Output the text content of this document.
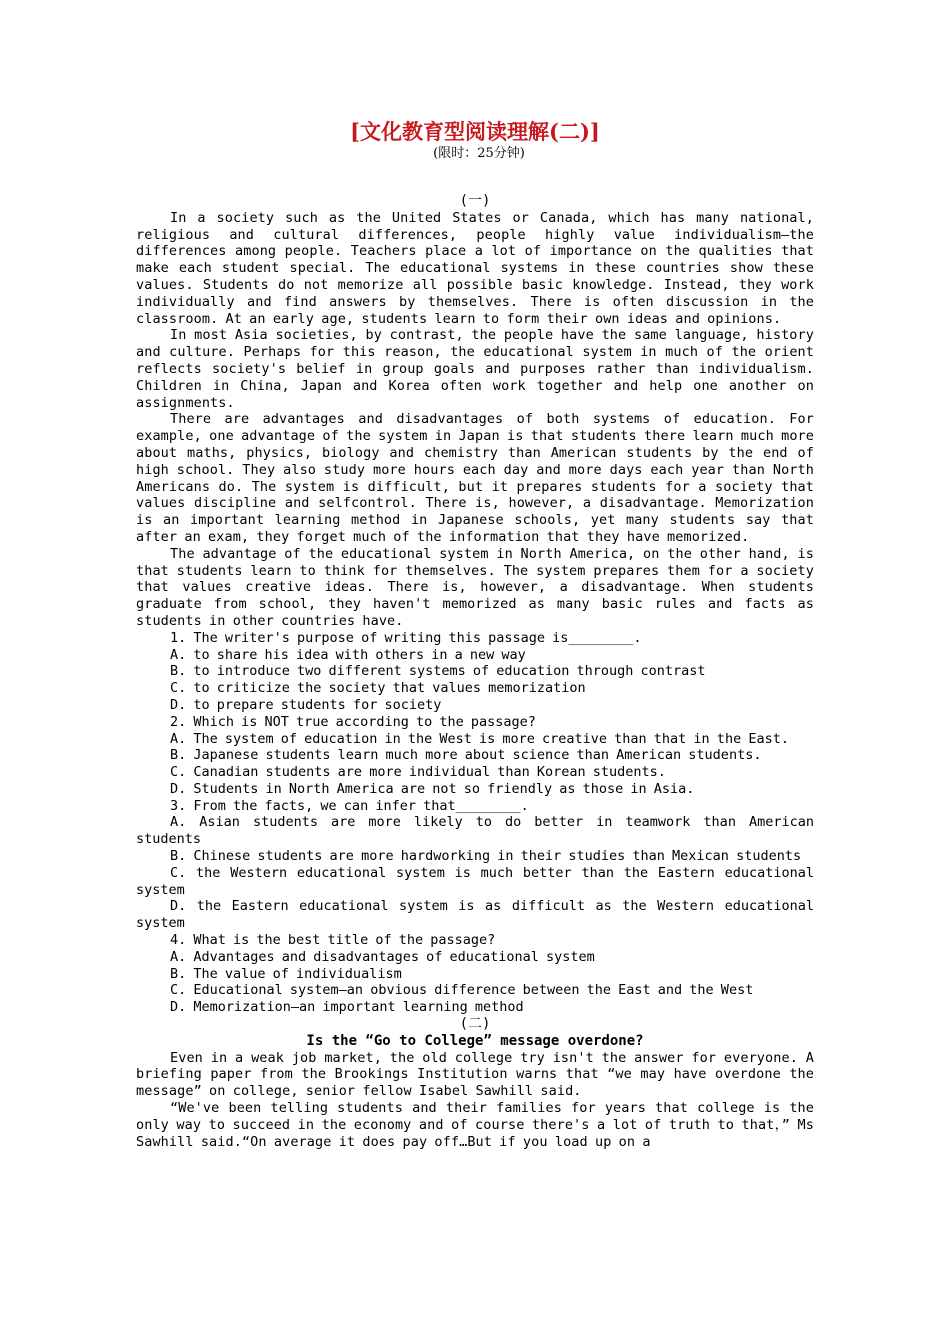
[文化教育型阅读理解(二)]
(限时：25分钟)
(一)

In a society such as the United States or Canada, which has many national, religious and cultural differences, people highly value individualism—the differences among people. Teachers place a lot of importance on the qualities that make each student special. The educational systems in these countries show these values. Students do not memorize all possible basic knowledge. Instead, they work individually and find answers by themselves. There is often discussion in the classroom. At an early age, students learn to form their own ideas and opinions.

In most Asia societies, by contrast, the people have the same language, history and culture. Perhaps for this reason, the educational system in much of the orient reflects society's belief in group goals and purposes rather than individualism. Children in China, Japan and Korea often work together and help one another on assignments.

There are advantages and disadvantages of both systems of education. For example, one advantage of the system in Japan is that students there learn much more about maths, physics, biology and chemistry than American students by the end of high school. They also study more hours each day and more days each year than North Americans do. The system is difficult, but it prepares students for a society that values discipline and selfcontrol. There is, however, a disadvantage. Memorization is an important learning method in Japanese schools, yet many students say that after an exam, they forget much of the information that they have memorized.

The advantage of the educational system in North America, on the other hand, is that students learn to think for themselves. The system prepares them for a society that values creative ideas. There is, however, a disadvantage. When students graduate from school, they haven't memorized as many basic rules and facts as students in other countries have.

1. The writer's purpose of writing this passage is________.

A. to share his idea with others in a new way

B. to introduce two different systems of education through contrast

C. to criticize the society that values memorization

D. to prepare students for society

2. Which is NOT true according to the passage?

A. The system of education in the West is more creative than that in the East.

B. Japanese students learn much more about science than American students.

C. Canadian students are more individual than Korean students.

D. Students in North America are not so friendly as those in Asia.

3. From the facts, we can infer that________.

A. Asian students are more likely to do better in teamwork than American students

B. Chinese students are more hardworking in their studies than Mexican students

C. the Western educational system is much better than the Eastern educational system

D. the Eastern educational system is as difficult as the Western educational system

4. What is the best title of the passage?

A. Advantages and disadvantages of educational system

B. The value of individualism

C. Educational system—an obvious difference between the East and the West

D. Memorization—an important learning method

(二)
Is the “Go to College” message overdone?

Even in a weak job market, the old college try isn't the answer for everyone. A briefing paper from the Brookings Institution warns that “we may have overdone the message” on college, senior fellow Isabel Sawhill said.

“We've been telling students and their families for years that college is the only way to succeed in the economy and of course there's a lot of truth to that，” Ms Sawhill said.“On average it does pay off…But if you load up on a
